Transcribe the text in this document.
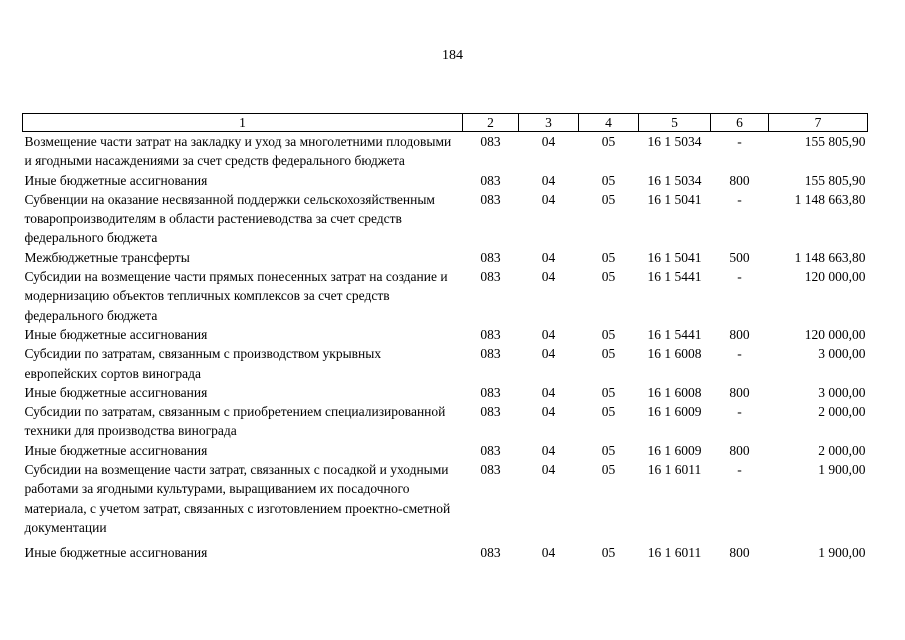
184
1	2	3	4	5	6	7
Возмещение части затрат на закладку и уход за многолетними плодовыми и ягодными насаждениями за счет средств федерального бюджета	083	04	05	16 1 5034	-	155 805,90
Иные бюджетные ассигнования	083	04	05	16 1 5034	800	155 805,90
Субвенции на оказание несвязанной поддержки сельскохозяйственным товаропроизводителям в области растениеводства за счет средств федерального бюджета	083	04	05	16 1 5041	-	1 148 663,80
Межбюджетные трансферты	083	04	05	16 1 5041	500	1 148 663,80
Субсидии на возмещение части прямых понесенных затрат на создание и модернизацию объектов тепличных комплексов за счет средств федерального бюджета	083	04	05	16 1 5441	-	120 000,00
Иные бюджетные ассигнования	083	04	05	16 1 5441	800	120 000,00
Субсидии по затратам, связанным с производством укрывных европейских сортов винограда	083	04	05	16 1 6008	-	3 000,00
Иные бюджетные ассигнования	083	04	05	16 1 6008	800	3 000,00
Субсидии по затратам, связанным с приобретением специализированной техники для производства винограда	083	04	05	16 1 6009	-	2 000,00
Иные бюджетные ассигнования	083	04	05	16 1 6009	800	2 000,00
Субсидии на возмещение части затрат, связанных с посадкой и уходными работами за ягодными культурами, выращиванием их посадочного материала, с учетом затрат, связанных с изготовлением проектно-сметной документации	083	04	05	16 1 6011	-	1 900,00
Иные бюджетные ассигнования	083	04	05	16 1 6011	800	1 900,00
